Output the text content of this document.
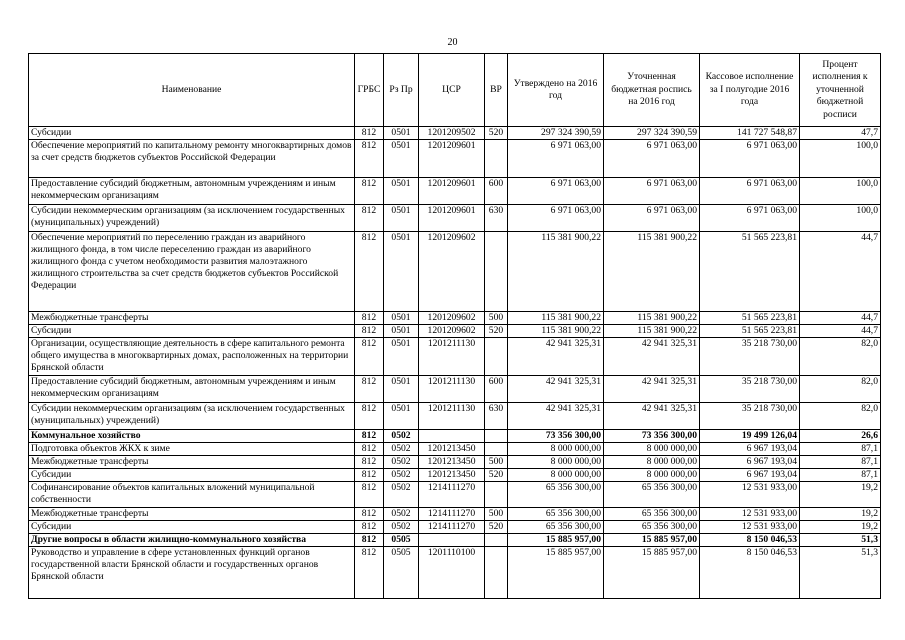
20
Наименование	ГРБС	Рз Пр	ЦСР	ВР	Утверждено на 2016 год	Уточненная бюджетная роспись на 2016 год	Кассовое исполнение за I полугодие 2016 года	Процент исполнения к уточненной бюджетной росписи
Субсидии	812	0501	1201209502	520	297 324 390,59	297 324 390,59	141 727 548,87	47,7
Обеспечение мероприятий по капитальному ремонту многоквартирных домов за счет средств бюджетов субъектов Российской Федерации	812	0501	1201209601		6 971 063,00	6 971 063,00	6 971 063,00	100,0
Предоставление субсидий бюджетным, автономным учреждениям и иным некоммерческим организациям	812	0501	1201209601	600	6 971 063,00	6 971 063,00	6 971 063,00	100,0
Субсидии некоммерческим организациям (за исключением государственных (муниципальных) учреждений)	812	0501	1201209601	630	6 971 063,00	6 971 063,00	6 971 063,00	100,0
Обеспечение мероприятий по переселению граждан из аварийного жилищного фонда, в том числе переселению граждан из аварийного жилищного фонда с учетом необходимости развития малоэтажного жилищного строительства за счет средств бюджетов субъектов Российской Федерации	812	0501	1201209602		115 381 900,22	115 381 900,22	51 565 223,81	44,7
Межбюджетные трансферты	812	0501	1201209602	500	115 381 900,22	115 381 900,22	51 565 223,81	44,7
Субсидии	812	0501	1201209602	520	115 381 900,22	115 381 900,22	51 565 223,81	44,7
Организации, осуществляющие деятельность в сфере капитального ремонта общего имущества в многоквартирных домах, расположенных на территории Брянской области	812	0501	1201211130		42 941 325,31	42 941 325,31	35 218 730,00	82,0
Предоставление субсидий бюджетным, автономным учреждениям и иным некоммерческим организациям	812	0501	1201211130	600	42 941 325,31	42 941 325,31	35 218 730,00	82,0
Субсидии некоммерческим организациям (за исключением государственных (муниципальных) учреждений)	812	0501	1201211130	630	42 941 325,31	42 941 325,31	35 218 730,00	82,0
Коммунальное хозяйство	812	0502			73 356 300,00	73 356 300,00	19 499 126,04	26,6
Подготовка объектов ЖКХ к зиме	812	0502	1201213450		8 000 000,00	8 000 000,00	6 967 193,04	87,1
Межбюджетные трансферты	812	0502	1201213450	500	8 000 000,00	8 000 000,00	6 967 193,04	87,1
Субсидии	812	0502	1201213450	520	8 000 000,00	8 000 000,00	6 967 193,04	87,1
Софинансирование объектов капитальных вложений муниципальной собственности	812	0502	1214111270		65 356 300,00	65 356 300,00	12 531 933,00	19,2
Межбюджетные трансферты	812	0502	1214111270	500	65 356 300,00	65 356 300,00	12 531 933,00	19,2
Субсидии	812	0502	1214111270	520	65 356 300,00	65 356 300,00	12 531 933,00	19,2
Другие вопросы в области жилищно-коммунального хозяйства	812	0505			15 885 957,00	15 885 957,00	8 150 046,53	51,3
Руководство и управление в сфере установленных функций органов государственной власти Брянской области и государственных органов Брянской области	812	0505	1201110100		15 885 957,00	15 885 957,00	8 150 046,53	51,3
